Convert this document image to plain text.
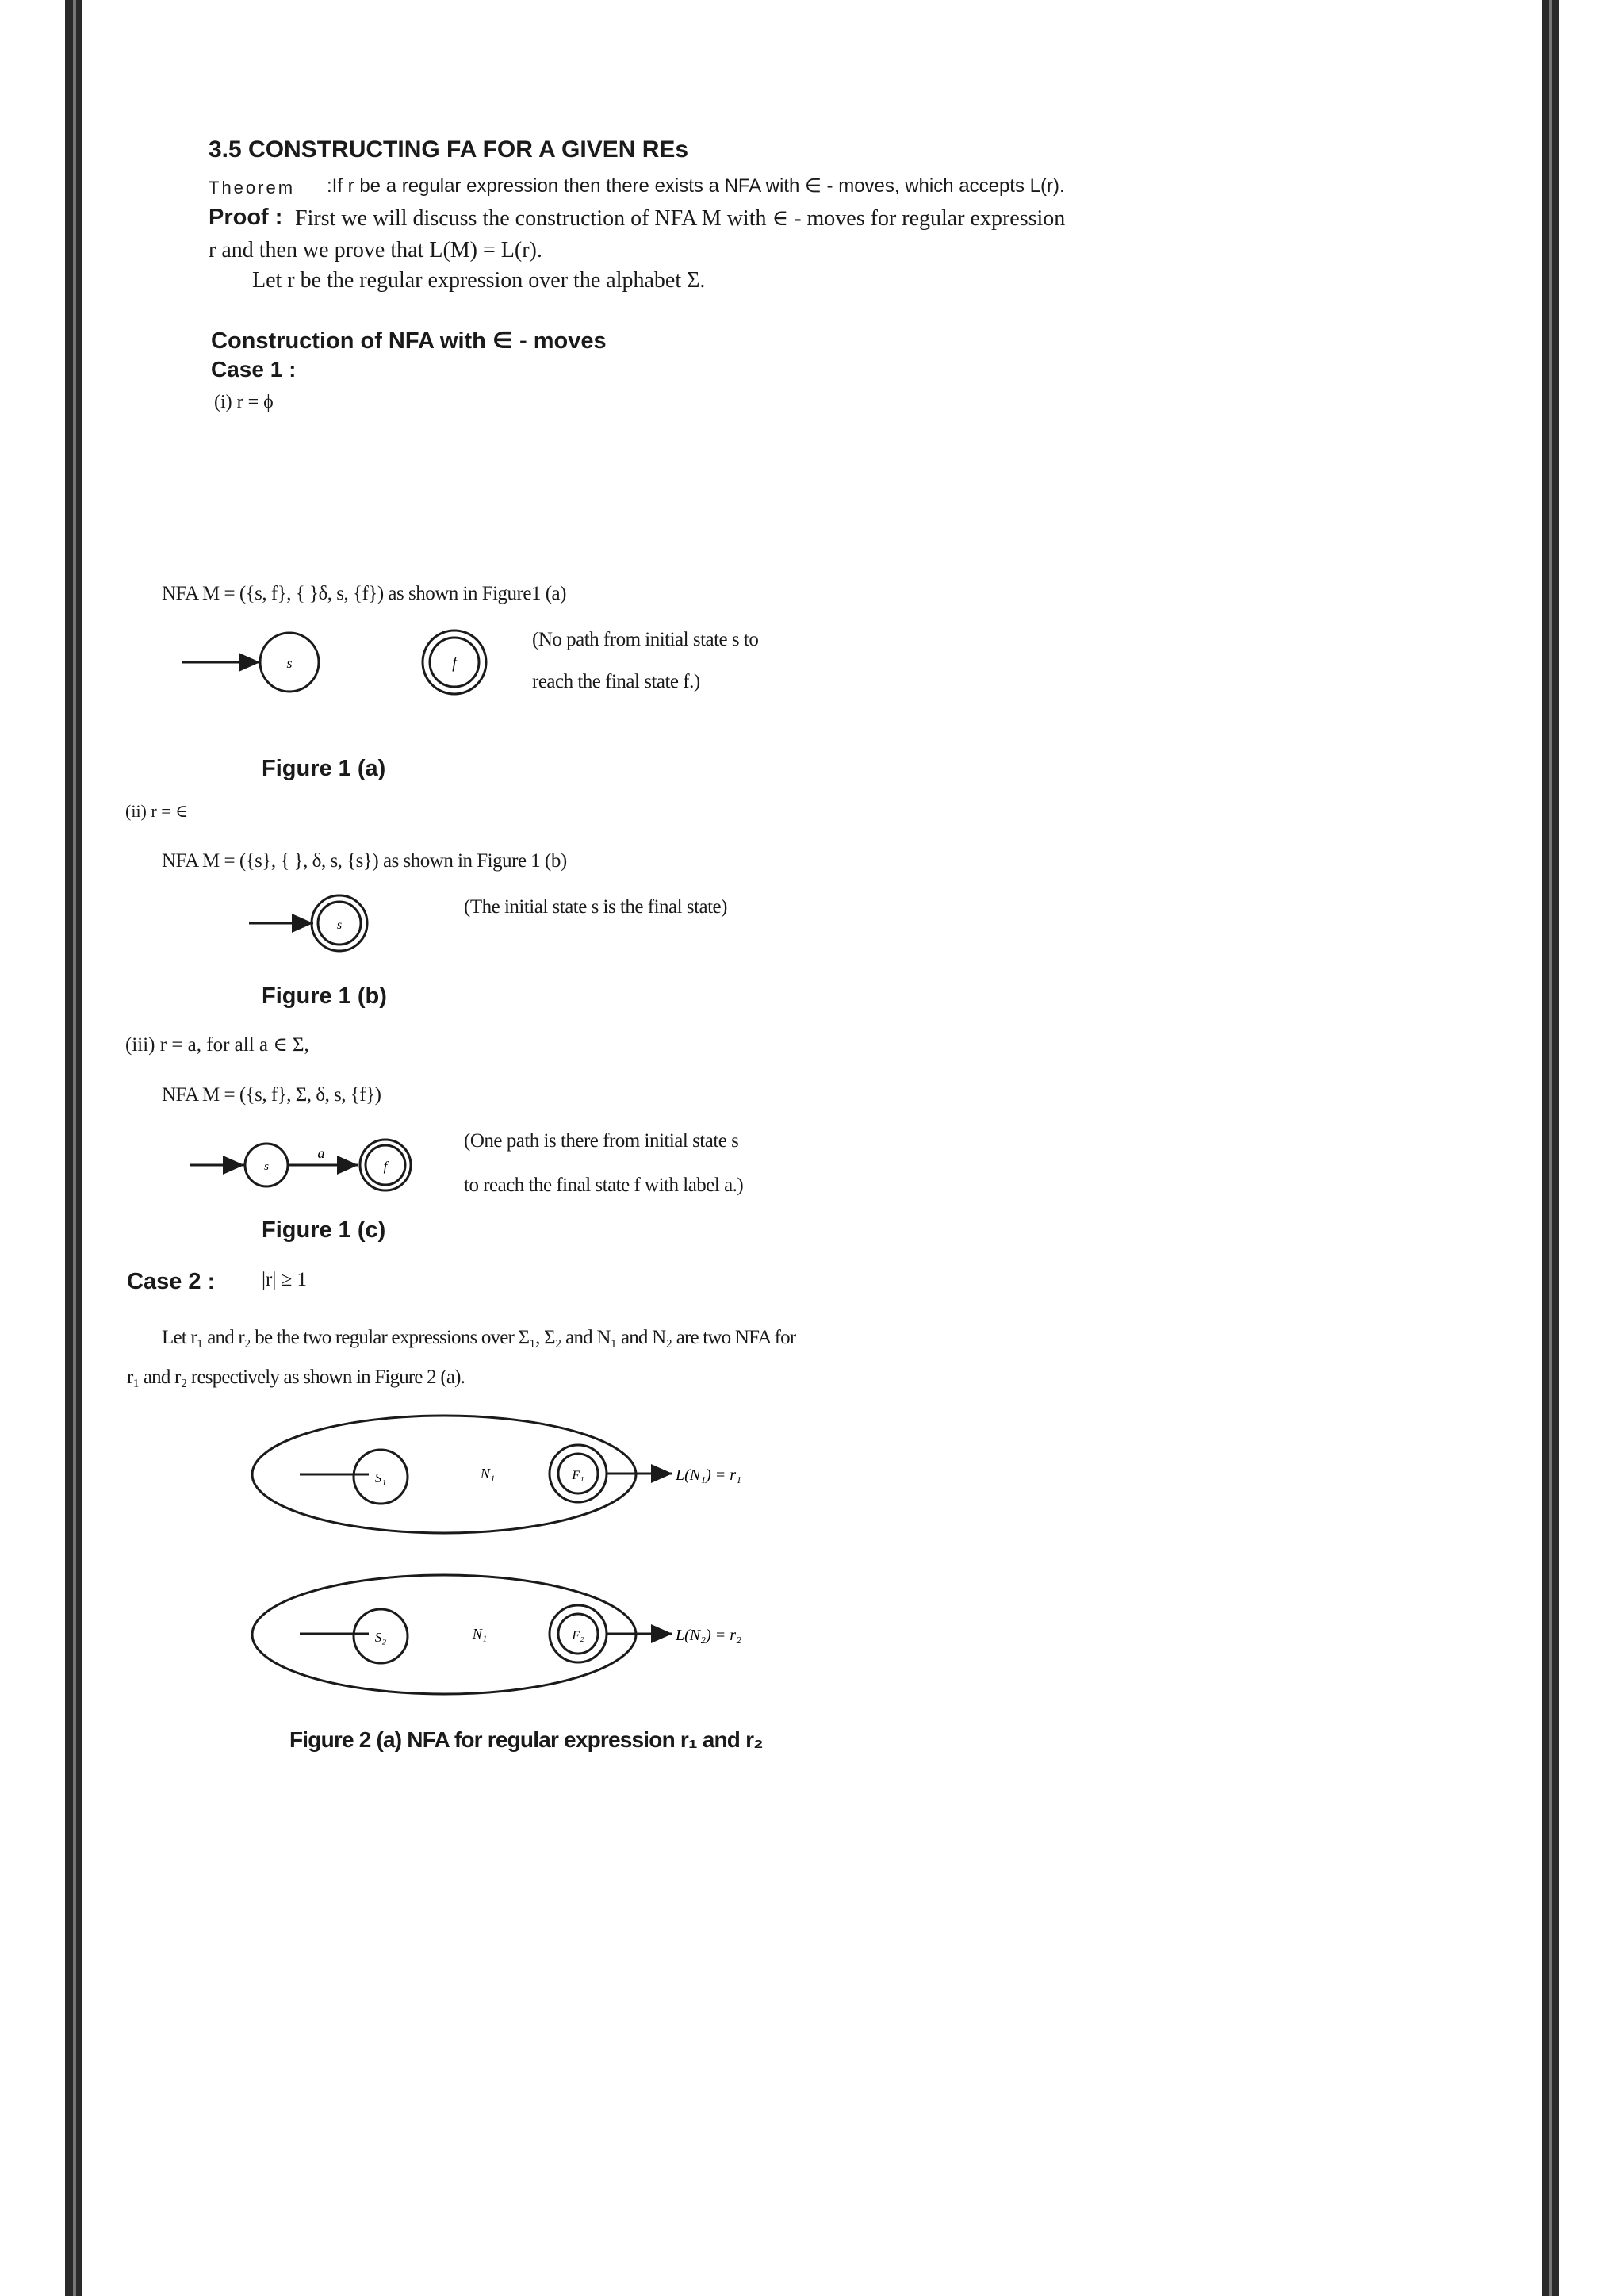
3.5 CONSTRUCTING FA FOR A GIVEN REs
Theorem :If r be a regular expression then there exists a NFA with ∈ - moves, which accepts L(r).
Proof : First we will discuss the construction of NFA M with ∈ - moves for regular expression
r and then we prove that L(M) = L(r).
Let r be the regular expression over the alphabet Σ.
Construction of NFA with ∈ - moves
Case 1 :
(i) r = ϕ
NFA M = ({s, f}, { }δ, s, {f}) as shown in Figure1 (a)
s	f
s
s
a
f
S₁	N₁	F₁	L(N₁) = r₁
S₂	N₁	F₂	L(N₂) = r₂
(No path from initial state s to
reach the final state f.)
Figure 1 (a)
(ii) r = ∈
NFA M = ({s}, { }, δ, s, {s}) as shown in Figure 1 (b)
(The initial state s is the final state)
Figure 1 (b)
(iii) r = a, for all a ∈ Σ,
NFA M = ({s, f}, Σ, δ, s, {f})
(One path is there from initial state s
to reach the final state f with label a.)
Figure 1 (c)
Case 2 : |r| ≥ 1
Let r₁ and r₂ be the two regular expressions over Σ₁, Σ₂ and N₁ and N₂ are two NFA for
r₁ and r₂ respectively as shown in Figure 2 (a).
Figure 2 (a) NFA for regular expression r₁ and r₂
